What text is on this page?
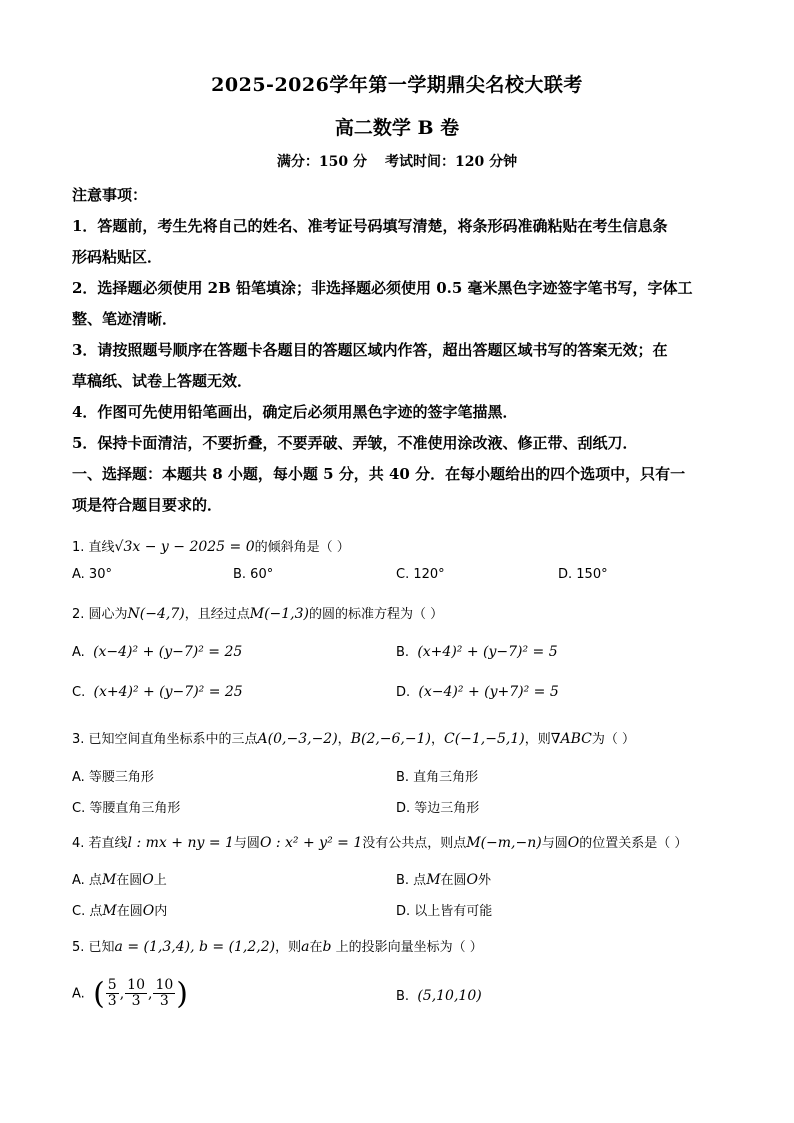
2025-2026学年第一学期鼎尖名校大联考
高二数学 B 卷
满分：150 分 考试时间：120 分钟
注意事项：
1．答题前，考生先将自己的姓名、准考证号码填写清楚，将条形码准确粘贴在考生信息条
形码粘贴区．
2．选择题必须使用 2B 铅笔填涂；非选择题必须使用 0.5 毫米黑色字迹签字笔书写，字体工
整、笔迹清晰．
3．请按照题号顺序在答题卡各题目的答题区域内作答，超出答题区域书写的答案无效；在
草稿纸、试卷上答题无效．
4．作图可先使用铅笔画出，确定后必须用黑色字迹的签字笔描黑．
5．保持卡面清洁，不要折叠，不要弄破、弄皱，不准使用涂改液、修正带、刮纸刀．
一、选择题：本题共 8 小题，每小题 5 分，共 40 分．在每小题给出的四个选项中，只有一
项是符合题目要求的．
1. 直线√3x − y − 2025 = 0的倾斜角是（ ）
A. 30°	B. 60°	C. 120°	D. 150°
2. 圆心为N(−4,7)，且经过点M(−1,3)的圆的标准方程为（ ）
A. (x−4)² + (y−7)² = 25	B. (x+4)² + (y−7)² = 5
C. (x+4)² + (y−7)² = 25	D. (x−4)² + (y+7)² = 5
3. 已知空间直角坐标系中的三点A(0,−3,−2)，B(2,−6,−1)，C(−1,−5,1)，则∇ABC为（ ）
A. 等腰三角形	B. 直角三角形
C. 等腰直角三角形	D. 等边三角形
4. 若直线l : mx + ny = 1与圆O : x² + y² = 1没有公共点，则点M(−m,−n)与圆O的位置关系是（ ）
A. 点M在圆O上	B. 点M在圆O外
C. 点M在圆O内	D. 以上皆有可能
5. 已知a = (1,3,4), b = (1,2,2)，则a在b 上的投影向量坐标为（ ）
A. ( $\frac{5}{3}$ , $\frac{10}{3}$ , $\frac{10}{3}$ )	B. (5,10,10)
